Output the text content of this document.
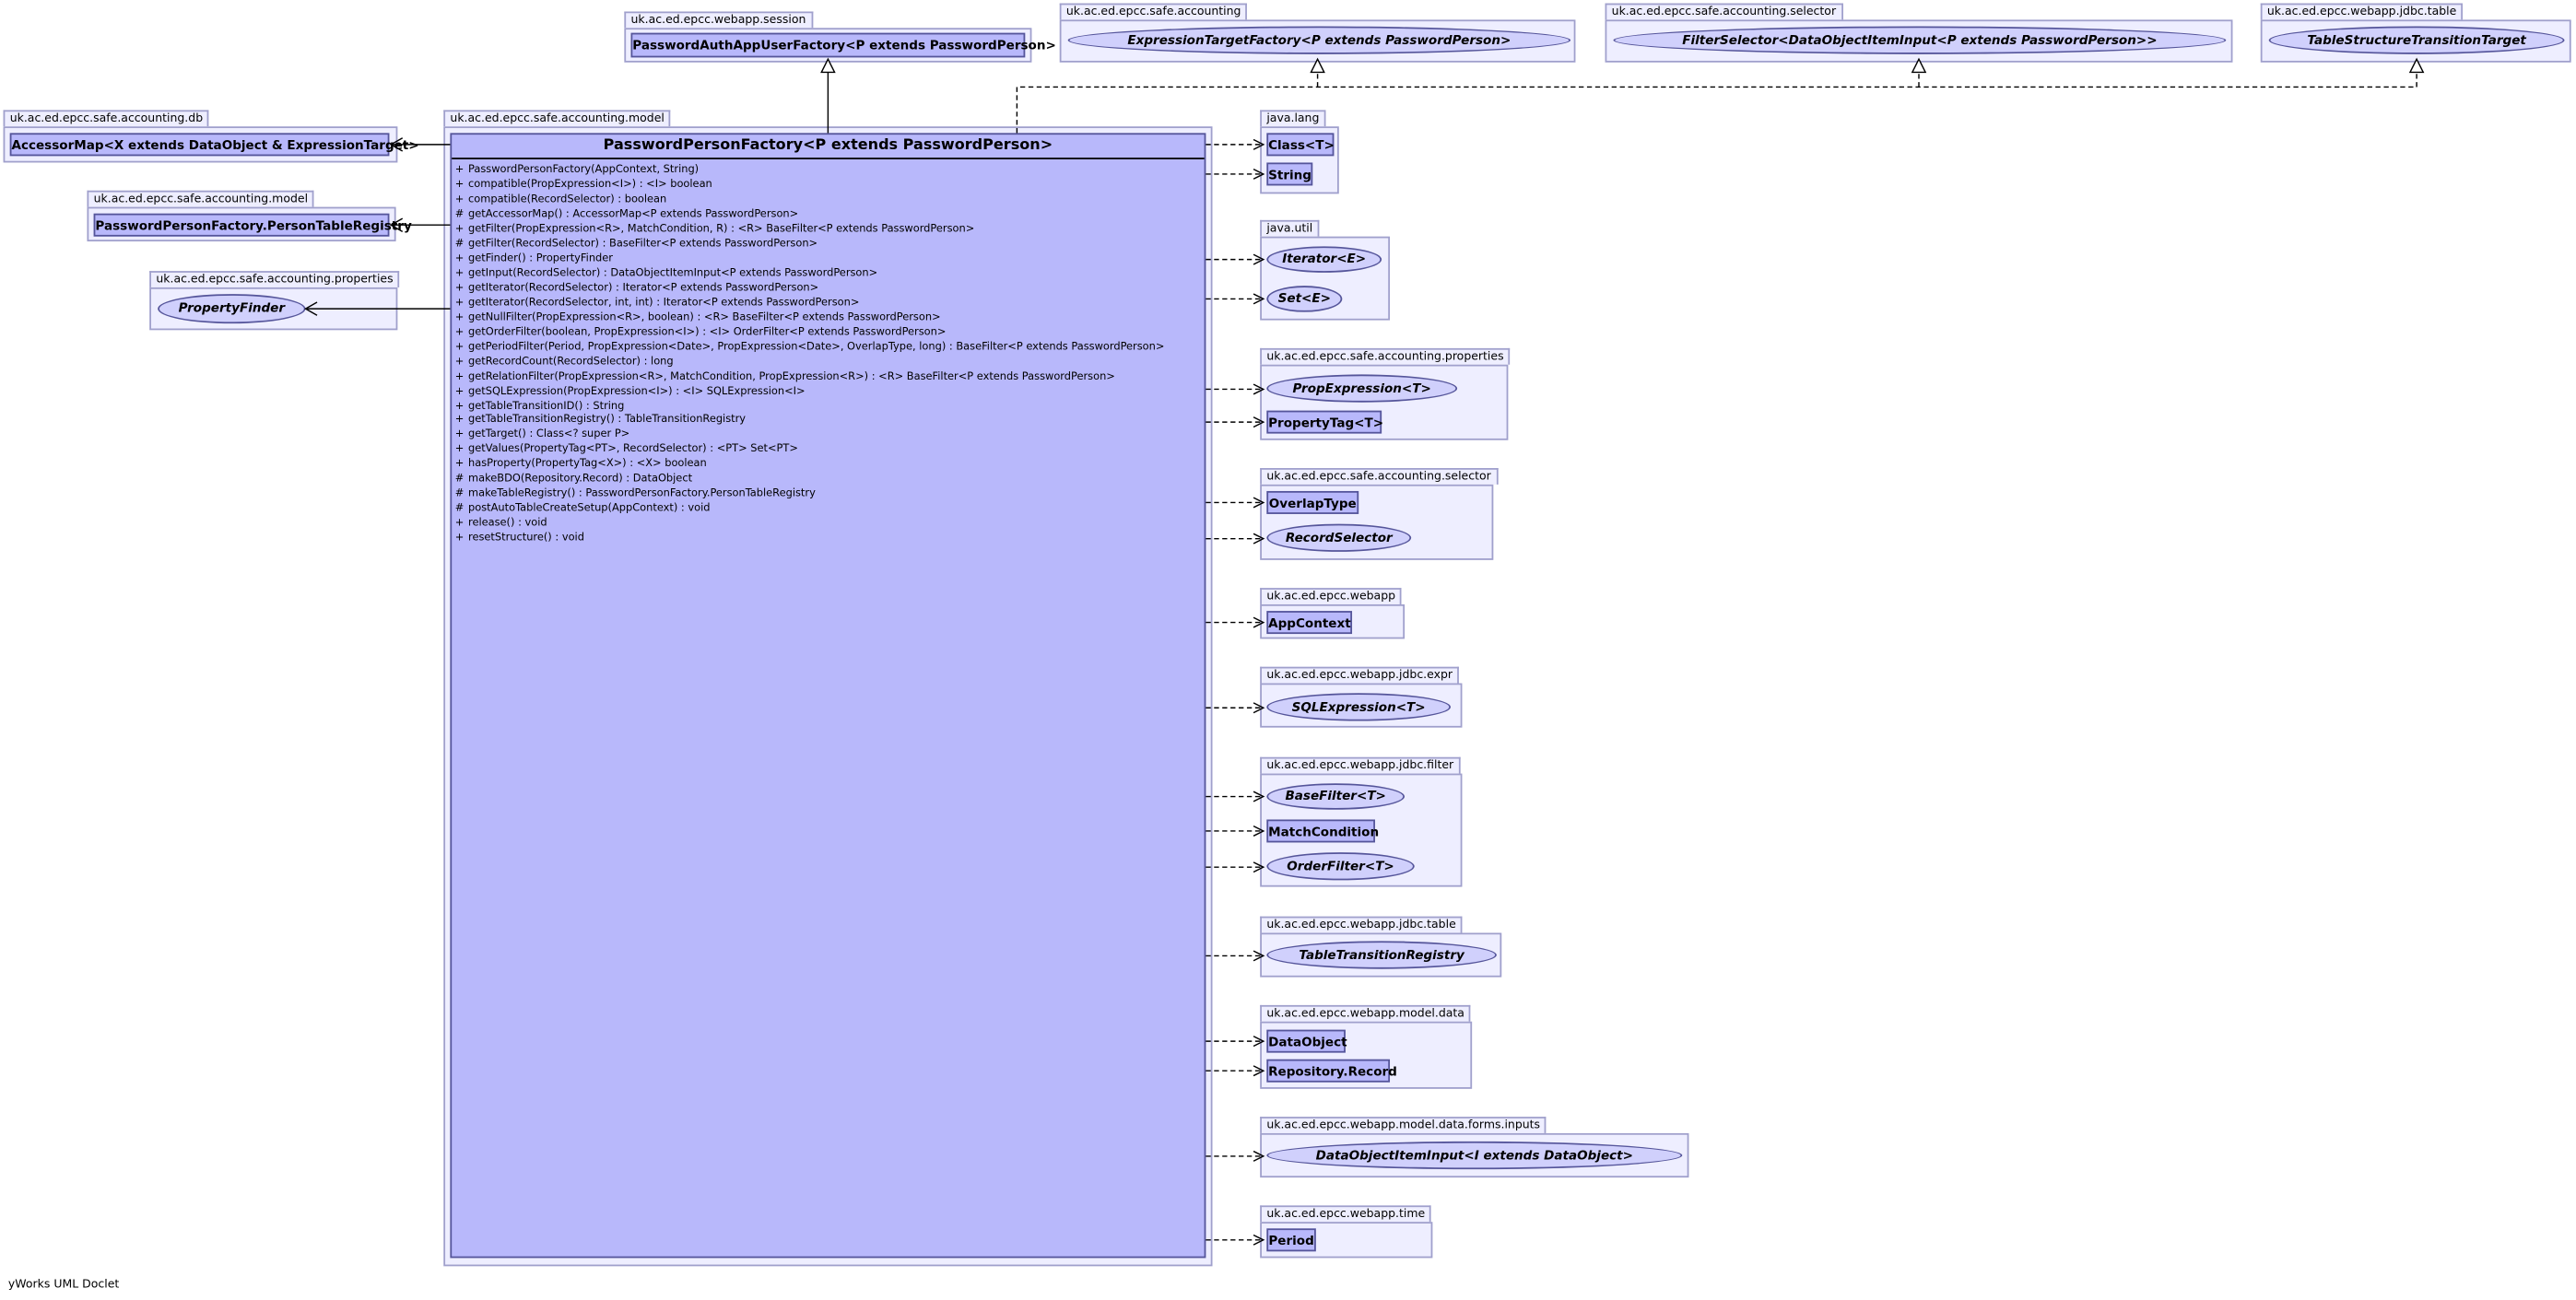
uk.ac.ed.epcc.webapp.session
uk.ac.ed.epcc.safe.accounting	uk.ac.ed.epcc.safe.accounting.selector	uk.ac.ed.epcc.webapp.jdbc.table
uk.ac.ed.epcc.safe.accounting.db	uk.ac.ed.epcc.safe.accounting.model
uk.ac.ed.epcc.safe.accounting.model
uk.ac.ed.epcc.safe.accounting.properties
java.lang
java.util
uk.ac.ed.epcc.safe.accounting.properties
uk.ac.ed.epcc.safe.accounting.selector
uk.ac.ed.epcc.webapp
uk.ac.ed.epcc.webapp.jdbc.expr
uk.ac.ed.epcc.webapp.jdbc.filter
uk.ac.ed.epcc.webapp.jdbc.table
uk.ac.ed.epcc.webapp.model.data
uk.ac.ed.epcc.webapp.model.data.forms.inputs
uk.ac.ed.epcc.webapp.time
PasswordAuthAppUserFactory<P extends PasswordPerson>	ExpressionTargetFactory<P extends PasswordPerson>	FilterSelector<DataObjectItemInput<P extends PasswordPerson>>	TableStructureTransitionTarget
AccessorMap<X extends DataObject & ExpressionTarget>
PasswordPersonFactory.PersonTableRegistry
PropertyFinder
PasswordPersonFactory<P extends PasswordPerson>
+ PasswordPersonFactory(AppContext, String)
+ compatible(PropExpression<I>) : <I> boolean
+ compatible(RecordSelector) : boolean
# getAccessorMap() : AccessorMap<P extends PasswordPerson>
+ getFilter(PropExpression<R>, MatchCondition, R) : <R> BaseFilter<P extends PasswordPerson>
# getFilter(RecordSelector) : BaseFilter<P extends PasswordPerson>
+ getFinder() : PropertyFinder
+ getInput(RecordSelector) : DataObjectItemInput<P extends PasswordPerson>
+ getIterator(RecordSelector) : Iterator<P extends PasswordPerson>
+ getIterator(RecordSelector, int, int) : Iterator<P extends PasswordPerson>
+ getNullFilter(PropExpression<R>, boolean) : <R> BaseFilter<P extends PasswordPerson>
+ getOrderFilter(boolean, PropExpression<I>) : <I> OrderFilter<P extends PasswordPerson>
+ getPeriodFilter(Period, PropExpression<Date>, PropExpression<Date>, OverlapType, long) : BaseFilter<P extends PasswordPerson>
+ getRecordCount(RecordSelector) : long
+ getRelationFilter(PropExpression<R>, MatchCondition, PropExpression<R>) : <R> BaseFilter<P extends PasswordPerson>
+ getSQLExpression(PropExpression<I>) : <I> SQLExpression<I>
+ getTableTransitionID() : String
+ getTableTransitionRegistry() : TableTransitionRegistry
+ getTarget() : Class<? super P>
+ getValues(PropertyTag<PT>, RecordSelector) : <PT> Set<PT>
+ hasProperty(PropertyTag<X>) : <X> boolean
# makeBDO(Repository.Record) : DataObject
# makeTableRegistry() : PasswordPersonFactory.PersonTableRegistry
# postAutoTableCreateSetup(AppContext) : void
+ release() : void
+ resetStructure() : void
Class<T>
String
Iterator<E>
Set<E>
PropExpression<T>
PropertyTag<T>
OverlapType
RecordSelector
AppContext
SQLExpression<T>
BaseFilter<T>
MatchCondition
OrderFilter<T>
TableTransitionRegistry
DataObject
Repository.Record
DataObjectItemInput<I extends DataObject>
Period
yWorks UML Doclet
